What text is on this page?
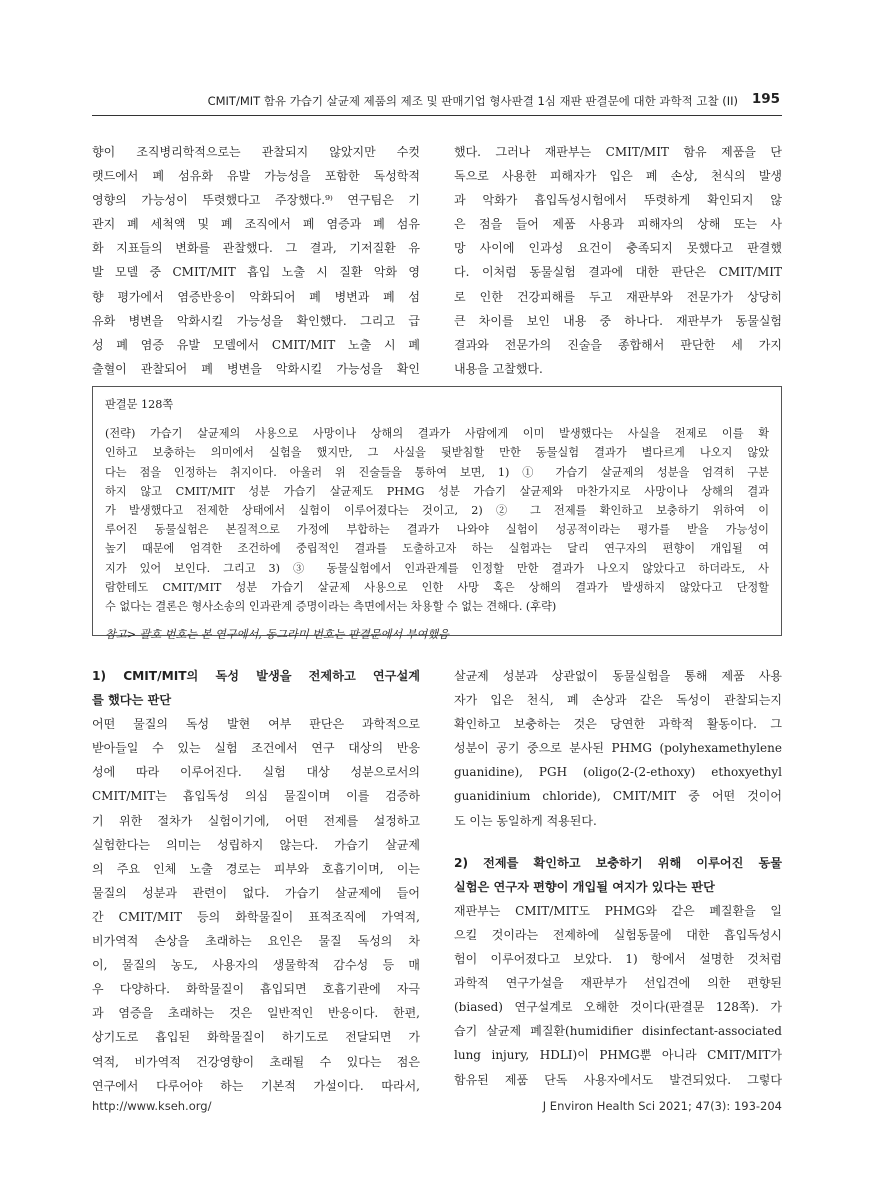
CMIT/MIT 함유 가습기 살균제 제품의 제조 및 판매기업 형사판결 1심 재판 판결문에 대한 과학적 고찰 (II) 195
향이 조직병리학적으로는 관찰되지 않았지만 수컷
랫드에서 폐 섬유화 유발 가능성을 포함한 독성학적
영향의 가능성이 뚜렷했다고 주장했다.⁹⁾ 연구팀은 기
관지 폐 세척액 및 폐 조직에서 폐 염증과 폐 섬유
화 지표들의 변화를 관찰했다. 그 결과, 기저질환 유
발 모델 중 CMIT/MIT 흡입 노출 시 질환 악화 영
향 평가에서 염증반응이 악화되어 폐 병변과 폐 섬
유화 병변을 악화시킬 가능성을 확인했다. 그리고 급
성 폐 염증 유발 모델에서 CMIT/MIT 노출 시 폐
출혈이 관찰되어 폐 병변을 악화시킬 가능성을 확인
했다. 그러나 재판부는 CMIT/MIT 함유 제품을 단
독으로 사용한 피해자가 입은 폐 손상, 천식의 발생
과 악화가 흡입독성시험에서 뚜렷하게 확인되지 않
은 점을 들어 제품 사용과 피해자의 상해 또는 사
망 사이에 인과성 요건이 충족되지 못했다고 판결했
다. 이처럼 동물실험 결과에 대한 판단은 CMIT/MIT
로 인한 건강피해를 두고 재판부와 전문가가 상당히
큰 차이를 보인 내용 중 하나다. 재판부가 동물실험
결과와 전문가의 진술을 종합해서 판단한 세 가지
내용을 고찰했다.
판결문 128쪽
(전략) 가습기 살균제의 사용으로 사망이나 상해의 결과가 사람에게 이미 발생했다는 사실을 전제로 이를 확
인하고 보충하는 의미에서 실험을 했지만, 그 사실을 뒷받침할 만한 동물실험 결과가 별다르게 나오지 않았
다는 점을 인정하는 취지이다. 아울러 위 진술들을 통하여 보면, 1) ① 가습기 살균제의 성분을 엄격히 구분
하지 않고 CMIT/MIT 성분 가습기 살균제도 PHMG 성분 가습기 살균제와 마찬가지로 사망이나 상해의 결과
가 발생했다고 전제한 상태에서 실험이 이루어졌다는 것이고, 2) ② 그 전제를 확인하고 보충하기 위하여 이
루어진 동물실험은 본질적으로 가정에 부합하는 결과가 나와야 실험이 성공적이라는 평가를 받을 가능성이
높기 때문에 엄격한 조건하에 중립적인 결과를 도출하고자 하는 실험과는 달리 연구자의 편향이 개입될 여
지가 있어 보인다. 그리고 3) ③ 동물실험에서 인과관계를 인정할 만한 결과가 나오지 않았다고 하더라도, 사
람한테도 CMIT/MIT 성분 가습기 살균제 사용으로 인한 사망 혹은 상해의 결과가 발생하지 않았다고 단정할
수 없다는 결론은 형사소송의 인과관계 증명이라는 측면에서는 차용할 수 없는 견해다. (후략)
참고> 괄호 번호는 본 연구에서, 동그라미 번호는 판결문에서 부여했음
1) CMIT/MIT의 독성 발생을 전제하고 연구설계
를 했다는 판단
어떤 물질의 독성 발현 여부 판단은 과학적으로
받아들일 수 있는 실험 조건에서 연구 대상의 반응
성에 따라 이루어진다. 실험 대상 성분으로서의
CMIT/MIT는 흡입독성 의심 물질이며 이를 검증하
기 위한 절차가 실험이기에, 어떤 전제를 설정하고
실험한다는 의미는 성립하지 않는다. 가습기 살균제
의 주요 인체 노출 경로는 피부와 호흡기이며, 이는
물질의 성분과 관련이 없다. 가습기 살균제에 들어
간 CMIT/MIT 등의 화학물질이 표적조직에 가역적,
비가역적 손상을 초래하는 요인은 물질 독성의 차
이, 물질의 농도, 사용자의 생물학적 감수성 등 매
우 다양하다. 화학물질이 흡입되면 호흡기관에 자극
과 염증을 초래하는 것은 일반적인 반응이다. 한편,
상기도로 흡입된 화학물질이 하기도로 전달되면 가
역적, 비가역적 건강영향이 초래될 수 있다는 점은
연구에서 다루어야 하는 기본적 가설이다. 따라서,
살균제 성분과 상관없이 동물실험을 통해 제품 사용
자가 입은 천식, 폐 손상과 같은 독성이 관찰되는지
확인하고 보충하는 것은 당연한 과학적 활동이다. 그
성분이 공기 중으로 분사된 PHMG (polyhexamethylene
guanidine), PGH (oligo(2-(2-ethoxy) ethoxyethyl
guanidinium chloride), CMIT/MIT 중 어떤 것이어
도 이는 동일하게 적용된다.
2) 전제를 확인하고 보충하기 위해 이루어진 동물
실험은 연구자 편향이 개입될 여지가 있다는 판단
재판부는 CMIT/MIT도 PHMG와 같은 폐질환을 일
으킬 것이라는 전제하에 실험동물에 대한 흡입독성시
험이 이루어졌다고 보았다. 1) 항에서 설명한 것처럼
과학적 연구가설을 재판부가 선입견에 의한 편향된
(biased) 연구설계로 오해한 것이다(판결문 128쪽). 가
습기 살균제 폐질환(humidifier disinfectant-associated
lung injury, HDLI)이 PHMG뿐 아니라 CMIT/MIT가
함유된 제품 단독 사용자에서도 발견되었다. 그렇다
http://www.kseh.org/	J Environ Health Sci 2021; 47(3): 193-204
